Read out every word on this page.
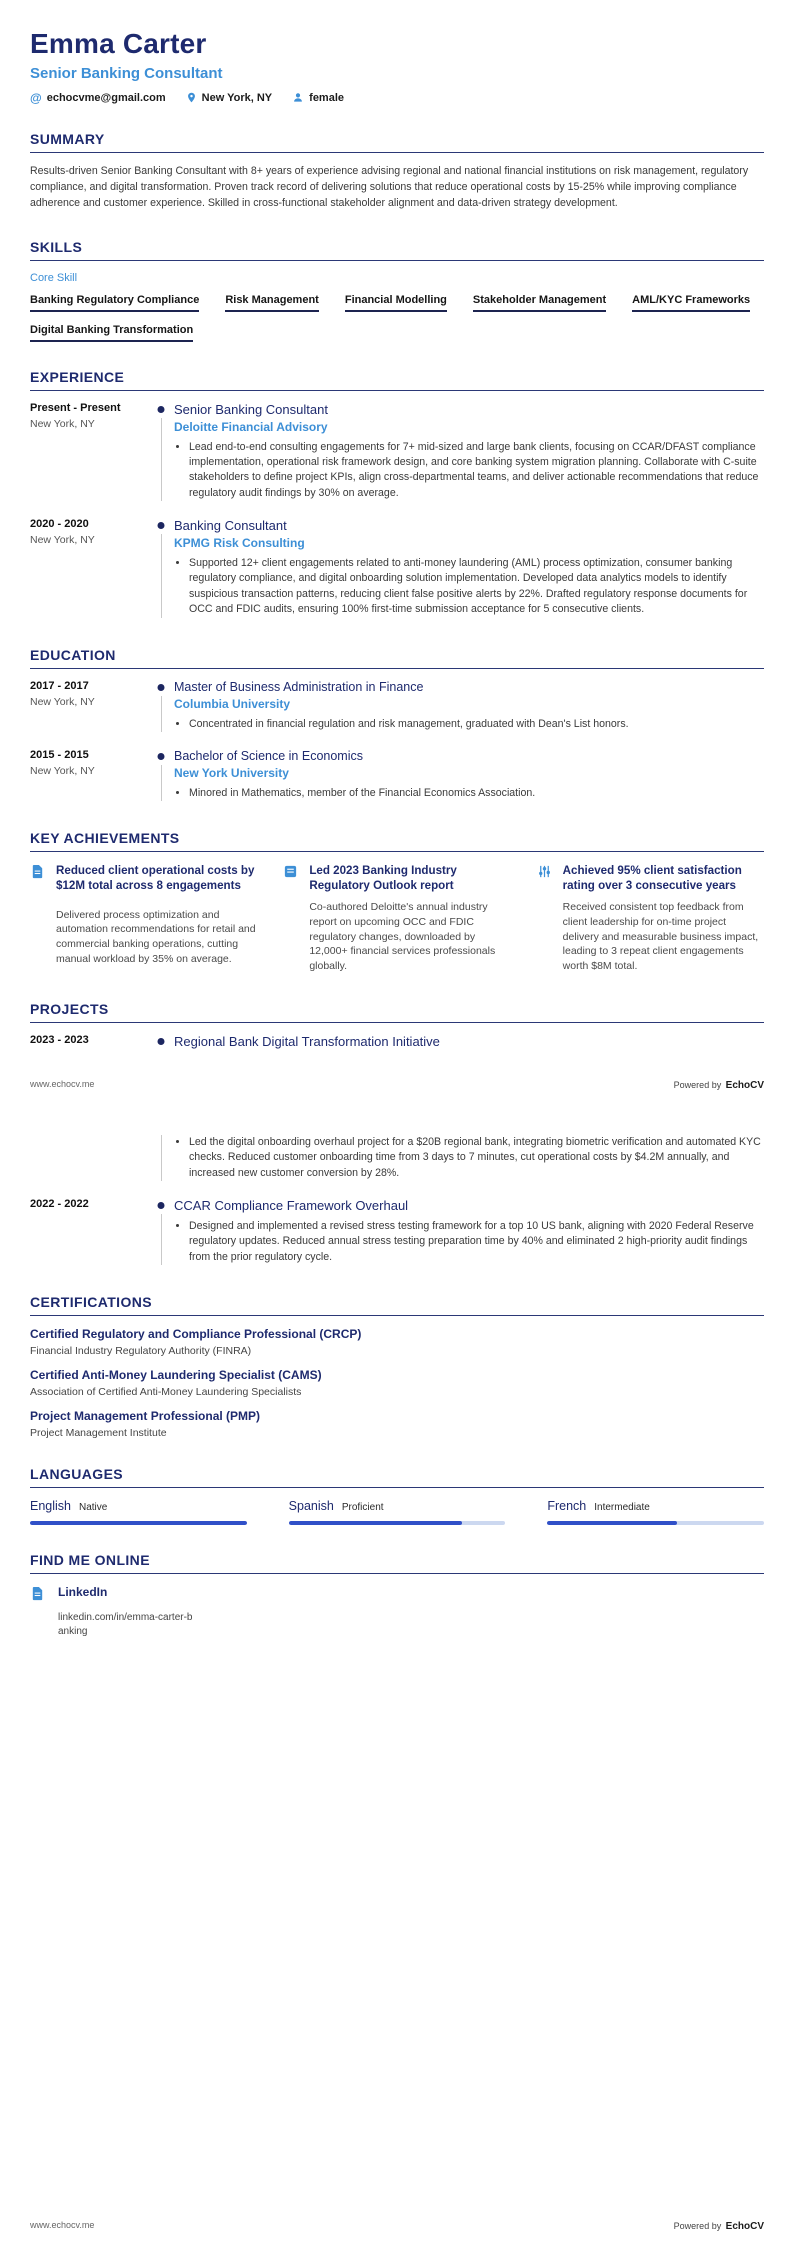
Emma Carter
Senior Banking Consultant
@ echocvme@gmail.com	New York, NY	female
SUMMARY

Results-driven Senior Banking Consultant with 8+ years of experience advising regional and national financial institutions on risk management, regulatory compliance, and digital transformation. Proven track record of delivering solutions that reduce operational costs by 15-25% while improving compliance adherence and customer experience. Skilled in cross-functional stakeholder alignment and data-driven strategy development.

SKILLS
Core Skill
Banking Regulatory Compliance Risk Management Financial Modelling Stakeholder Management AML/KYC Frameworks
Digital Banking Transformation
EXPERIENCE
Present - Present
New York, NY
Senior Banking Consultant
Deloitte Financial Advisory
• Lead end-to-end consulting engagements for 7+ mid-sized and large bank clients, focusing on CCAR/DFAST compliance implementation, operational risk framework design, and core banking system migration planning. Collaborate with C-suite stakeholders to define project KPIs, align cross-departmental teams, and deliver actionable recommendations that reduce regulatory audit findings by 30% on average.
2020 - 2020
New York, NY
Banking Consultant
KPMG Risk Consulting
• Supported 12+ client engagements related to anti-money laundering (AML) process optimization, consumer banking regulatory compliance, and digital onboarding solution implementation. Developed data analytics models to identify suspicious transaction patterns, reducing client false positive alerts by 22%. Drafted regulatory response documents for OCC and FDIC audits, ensuring 100% first-time submission acceptance for 5 consecutive clients.
EDUCATION
2017 - 2017
New York, NY
Master of Business Administration in Finance
Columbia University
• Concentrated in financial regulation and risk management, graduated with Dean's List honors.
2015 - 2015
New York, NY
Bachelor of Science in Economics
New York University
• Minored in Mathematics, member of the Financial Economics Association.
KEY ACHIEVEMENTS
Reduced client operational costs by $12M total across 8 engagements
Delivered process optimization and automation recommendations for retail and commercial banking operations, cutting manual workload by 35% on average.
Led 2023 Banking Industry Regulatory Outlook report
Co-authored Deloitte's annual industry report on upcoming OCC and FDIC regulatory changes, downloaded by 12,000+ financial services professionals globally.
Achieved 95% client satisfaction rating over 3 consecutive years
Received consistent top feedback from client leadership for on-time project delivery and measurable business impact, leading to 3 repeat client engagements worth $8M total.
PROJECTS
2023 - 2023	Regional Bank Digital Transformation Initiative
www.echocv.me	Powered by EchoCV
• Led the digital onboarding overhaul project for a $20B regional bank, integrating biometric verification and automated KYC checks. Reduced customer onboarding time from 3 days to 7 minutes, cut operational costs by $4.2M annually, and increased new customer conversion by 28%.
2022 - 2022	CCAR Compliance Framework Overhaul
• Designed and implemented a revised stress testing framework for a top 10 US bank, aligning with 2020 Federal Reserve regulatory updates. Reduced annual stress testing preparation time by 40% and eliminated 2 high-priority audit findings from the prior regulatory cycle.
CERTIFICATIONS
Certified Regulatory and Compliance Professional (CRCP)
Financial Industry Regulatory Authority (FINRA)
Certified Anti-Money Laundering Specialist (CAMS)
Association of Certified Anti-Money Laundering Specialists
Project Management Professional (PMP)
Project Management Institute
LANGUAGES
English Native	Spanish Proficient	French Intermediate
FIND ME ONLINE
LinkedIn
linkedin.com/in/emma-carter-banking
www.echocv.me	Powered by EchoCV
